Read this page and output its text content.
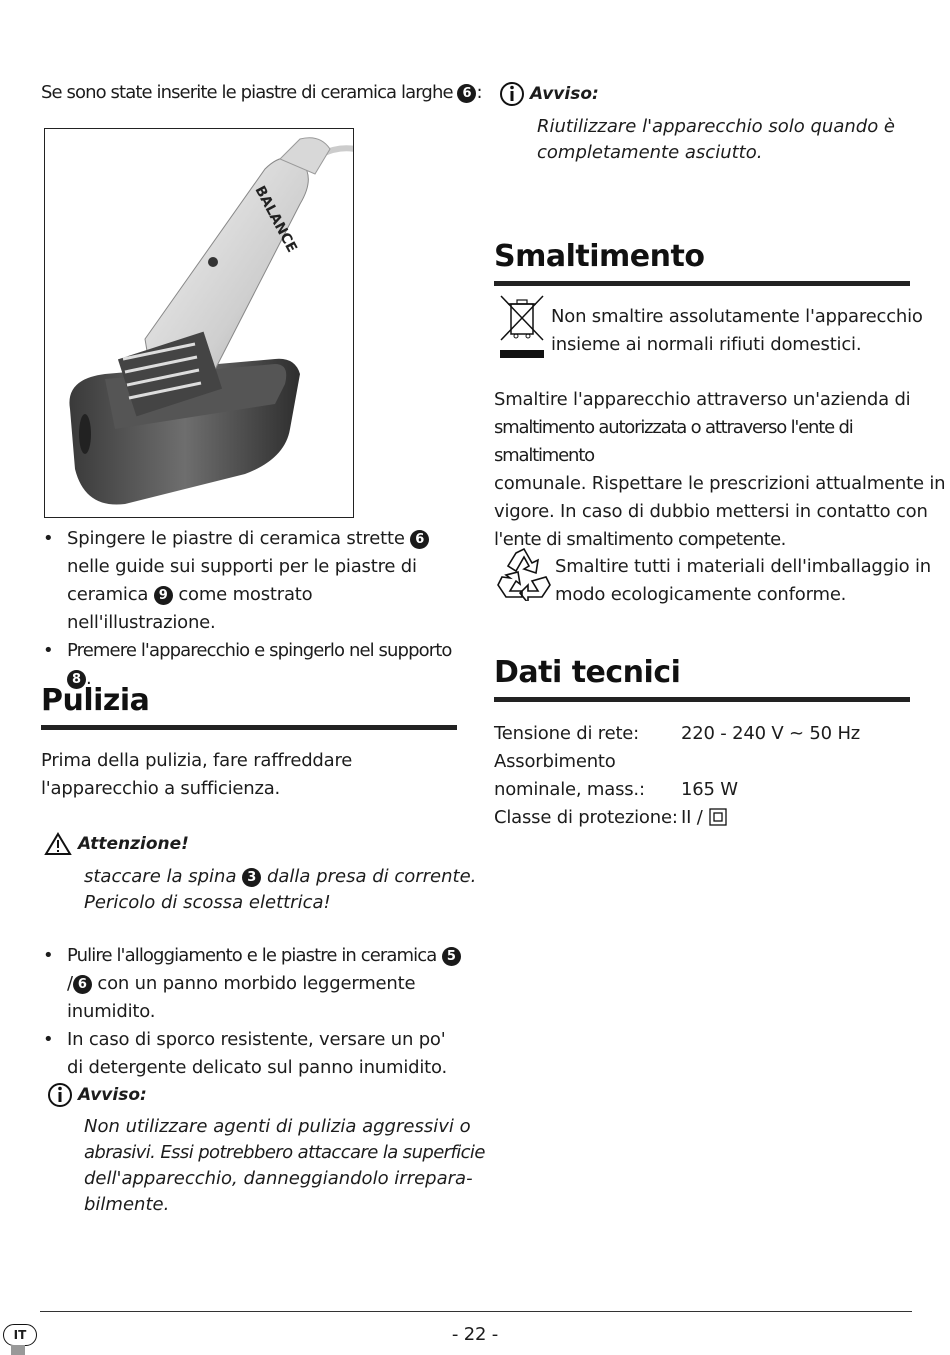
Se sono state inserite le piastre di ceramica larghe 6 :
BALANCE
• Spingere le piastre di ceramica strette 6 nelle guide sui supporti per le piastre di ceramica 9 come mostrato nell'illustrazione.
• Premere l'apparecchio e spingerlo nel supporto 8 .
Pulizia
Prima della pulizia, fare raffreddare l'apparecchio a sufficienza.
Attenzione!
staccare la spina 3 dalla presa di corrente.
Pericolo di scossa elettrica!
• Pulire l'alloggiamento e le piastre in ceramica 5/ 6 con un panno morbido leggermente inumidito.
• In caso di sporco resistente, versare un po' di detergente delicato sul panno inumidito.
Avviso:
Non utilizzare agenti di pulizia aggressivi o
abrasivi. Essi potrebbero attaccare la superficie
dell'apparecchio, danneggiandolo irrepara-
bilmente.
Avviso:
Riutilizzare l'apparecchio solo quando è
completamente asciutto.
Smaltimento
Non smaltire assolutamente l'apparecchio
insieme ai normali rifiuti domestici.
Smaltire l'apparecchio attraverso un'azienda di
smaltimento autorizzata o attraverso l'ente di smaltimento
comunale. Rispettare le prescrizioni attualmente in
vigore. In caso di dubbio mettersi in contatto con
l'ente di smaltimento competente.
Smaltire tutti i materiali dell'imballaggio in
modo ecologicamente conforme.
Dati tecnici
Tensione di rete:	220 - 240 V ~ 50 Hz
Assorbimento
nominale, mass.:	165 W
Classe di protezione: II /
IT	- 22 -
